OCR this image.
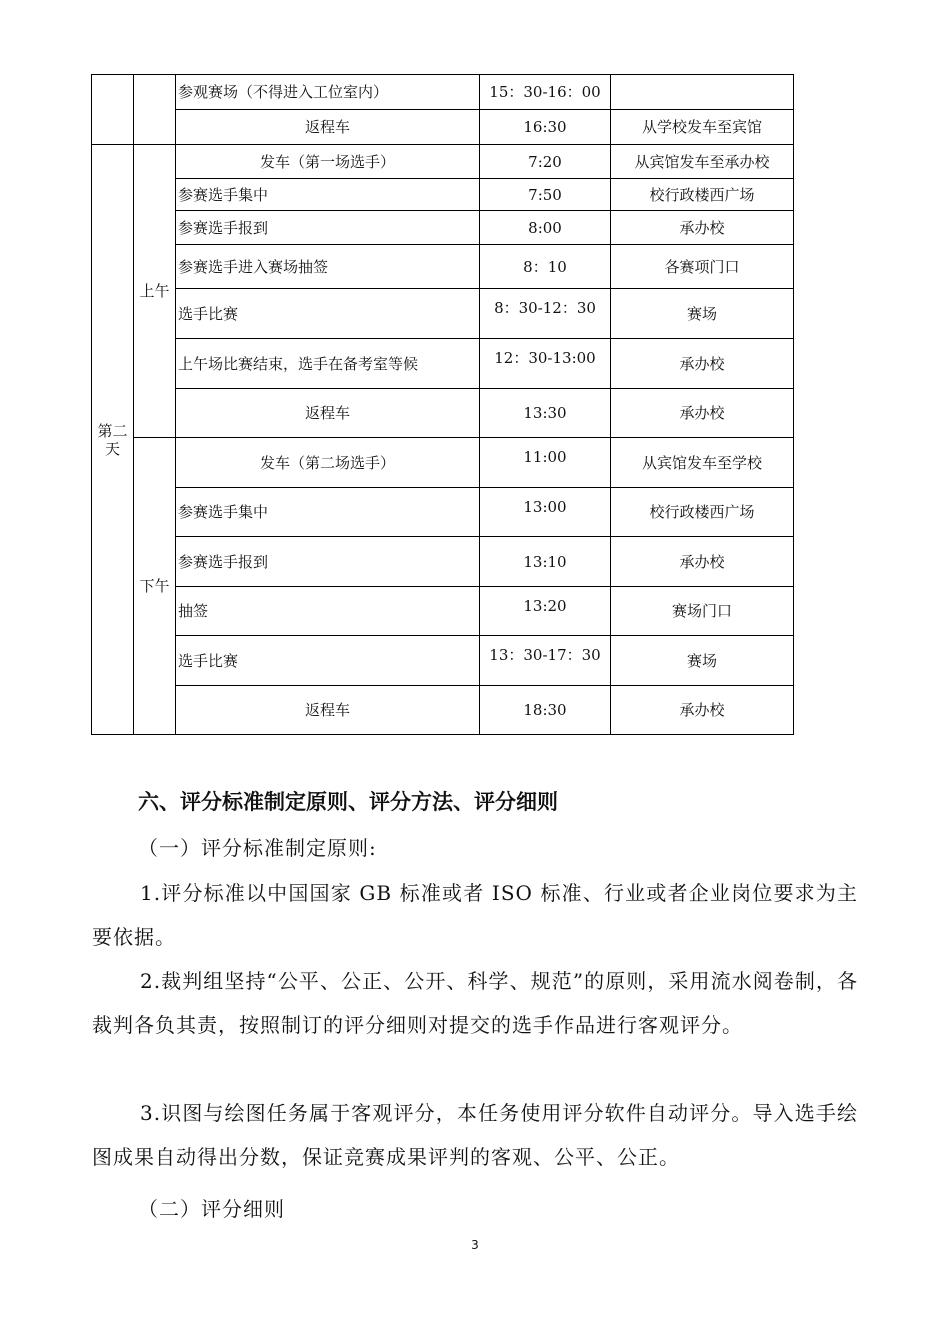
		参观赛场（不得进入工位室内）	15：30-16：00	
		返程车	16:30	从学校发车至宾馆
第二
天	上午	发车（第一场选手）	7:20	从宾馆发车至承办校
		参赛选手集中	7:50	校行政楼西广场
		参赛选手报到	8:00	承办校
		参赛选手进入赛场抽签	8：10	各赛项门口
		选手比赛	8：30-12：30	赛场
		上午场比赛结束，选手在备考室等候	12：30-13:00	承办校
		返程车	13:30	承办校
	下午	发车（第二场选手）	11:00	从宾馆发车至学校
		参赛选手集中	13:00	校行政楼西广场
		参赛选手报到	13:10	承办校
		抽签	13:20	赛场门口
		选手比赛	13：30-17：30	赛场
		返程车	18:30	承办校
六、评分标准制定原则、评分方法、评分细则

（一）评分标准制定原则:

1.评分标准以中国国家 GB 标准或者 ISO 标准、行业或者企业岗位要求为主要依据。

2.裁判组坚持“公平、公正、公开、科学、规范”的原则，采用流水阅卷制，各裁判各负其责，按照制订的评分细则对提交的选手作品进行客观评分。

3.识图与绘图任务属于客观评分，本任务使用评分软件自动评分。导入选手绘图成果自动得出分数，保证竞赛成果评判的客观、公平、公正。

（二）评分细则

3
